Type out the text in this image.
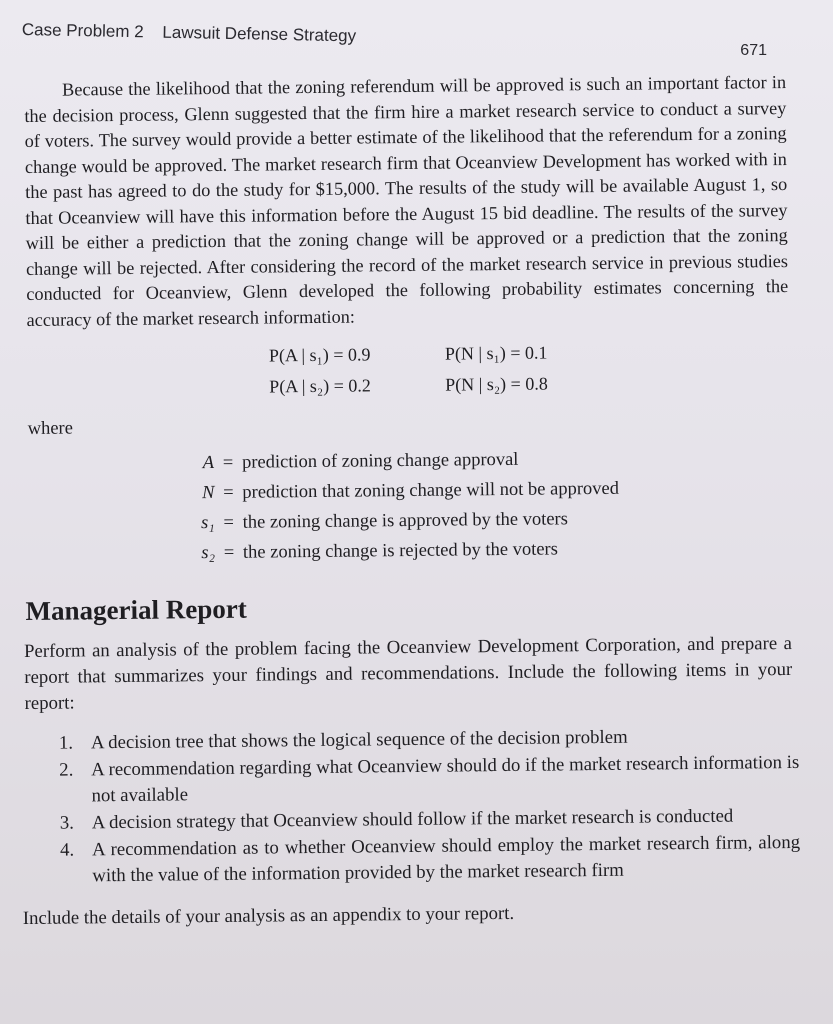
Case Problem 2 Lawsuit Defense Strategy
671

Because the likelihood that the zoning referendum will be approved is such an important factor in the decision process, Glenn suggested that the firm hire a market research service to conduct a survey of voters. The survey would provide a better estimate of the likelihood that the referendum for a zoning change would be approved. The market research firm that Oceanview Development has worked with in the past has agreed to do the study for $15,000. The results of the study will be available August 1, so that Oceanview will have this information before the August 15 bid deadline. The results of the survey will be either a prediction that the zoning change will be approved or a prediction that the zoning change will be rejected. After considering the record of the market research service in previous studies conducted for Oceanview, Glenn developed the following probability estimates concerning the accuracy of the market research information:

P(A | s₁) = 0.9	P(N | s₁) = 0.1
P(A | s₂) = 0.2	P(N | s₂) = 0.8
where
A = prediction of zoning change approval
N = prediction that zoning change will not be approved
s₁ = the zoning change is approved by the voters
s₂ = the zoning change is rejected by the voters
Managerial Report

Perform an analysis of the problem facing the Oceanview Development Corporation, and prepare a report that summarizes your findings and recommendations. Include the following items in your report:

1. A decision tree that shows the logical sequence of the decision problem
2. A recommendation regarding what Oceanview should do if the market research information is not available
3. A decision strategy that Oceanview should follow if the market research is conducted
4. A recommendation as to whether Oceanview should employ the market research firm, along with the value of the information provided by the market research firm
Include the details of your analysis as an appendix to your report.
